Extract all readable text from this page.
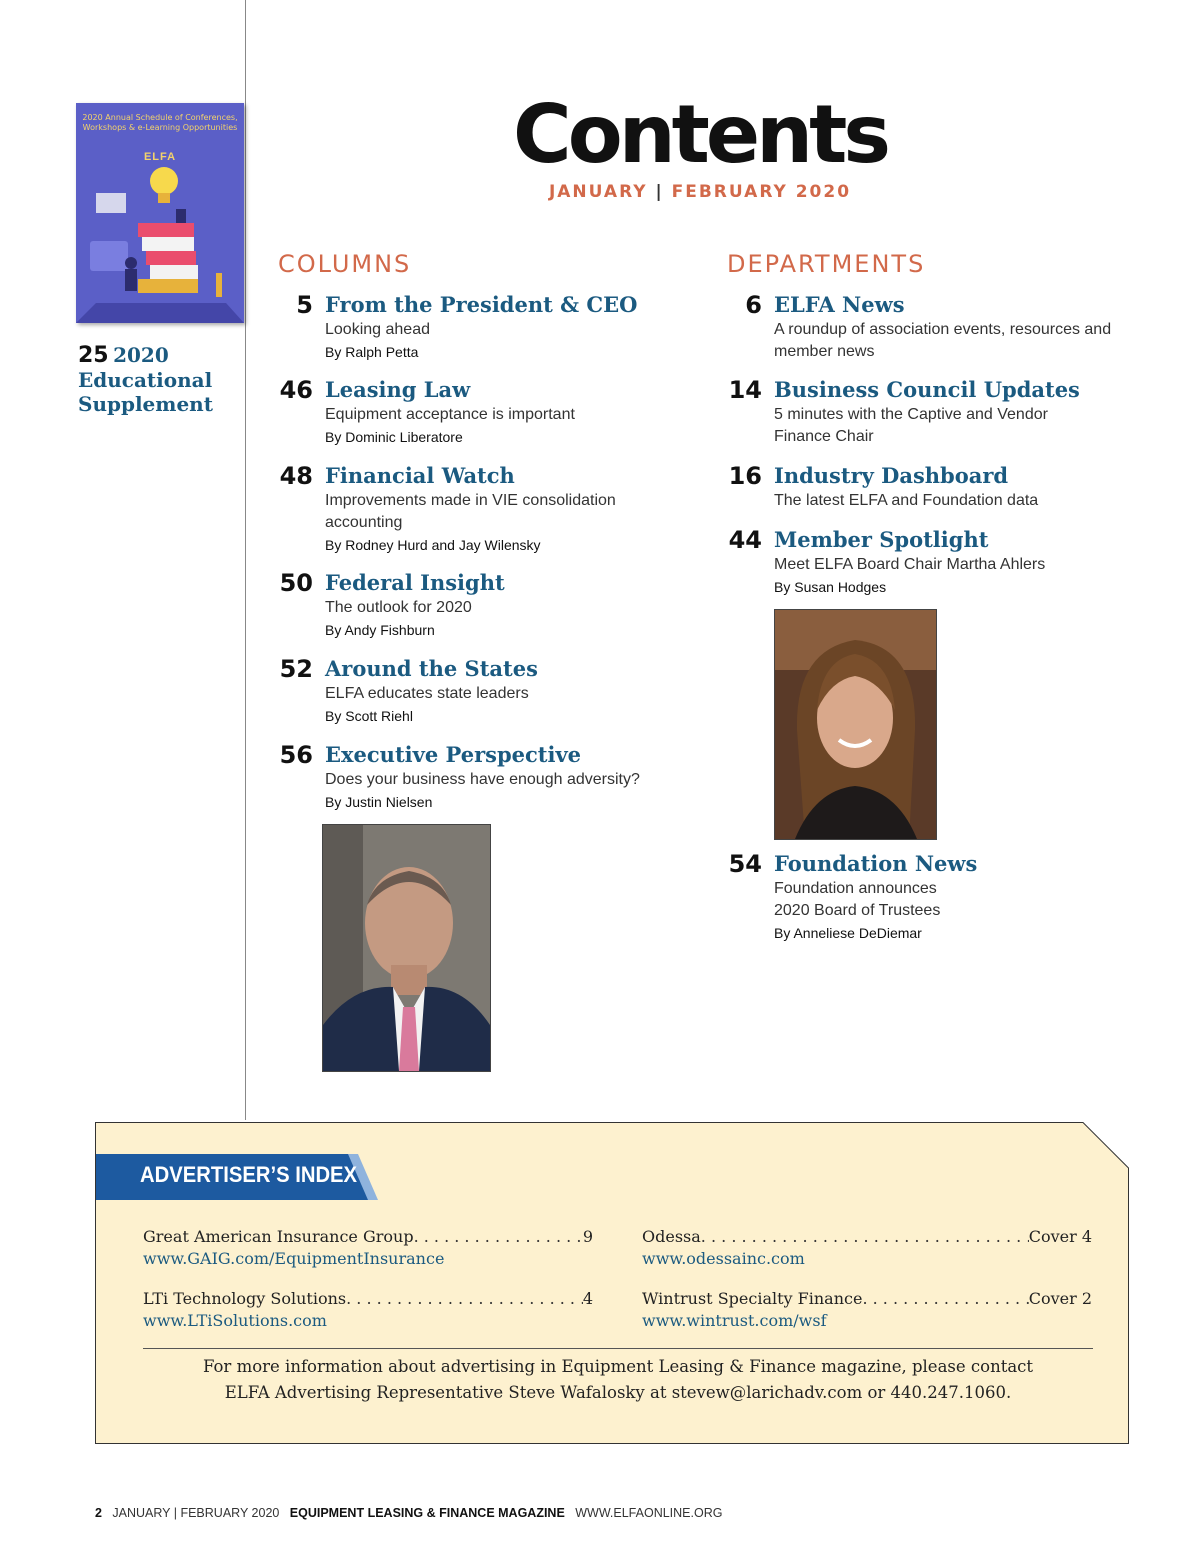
2020 Annual Schedule of Conferences, Workshops & e-Learning Opportunities
ELFA
25 2020
Educational
Supplement
Contents
JANUARY | FEBRUARY 2020
COLUMNS
5 From the President & CEO
Looking ahead
By Ralph Petta
46 Leasing Law
Equipment acceptance is important
By Dominic Liberatore
48 Financial Watch
Improvements made in VIE consolidation accounting
By Rodney Hurd and Jay Wilensky
50 Federal Insight
The outlook for 2020
By Andy Fishburn
52 Around the States
ELFA educates state leaders
By Scott Riehl
56 Executive Perspective
Does your business have enough adversity?
By Justin Nielsen
DEPARTMENTS
6 ELFA News
A roundup of association events, resources and member news
14 Business Council Updates
5 minutes with the Captive and Vendor Finance Chair
16 Industry Dashboard
The latest ELFA and Foundation data
44 Member Spotlight
Meet ELFA Board Chair Martha Ahlers
By Susan Hodges
54 Foundation News
Foundation announces 2020 Board of Trustees
By Anneliese DeDiemar
ADVERTISER’S INDEX
Great American Insurance Group . . .	9
www.GAIG.com/EquipmentInsurance
LTi Technology Solutions . . .	4
www.LTiSolutions.com
Odessa . . .	Cover 4
www.odessainc.com
Wintrust Specialty Finance . . .	Cover 2
www.wintrust.com/wsf
For more information about advertising in Equipment Leasing & Finance magazine, please contact
ELFA Advertising Representative Steve Wafalosky at stevew@larichadv.com or 440.247.1060.
2 JANUARY | FEBRUARY 2020 EQUIPMENT LEASING & FINANCE MAGAZINE WWW.ELFAONLINE.ORG
